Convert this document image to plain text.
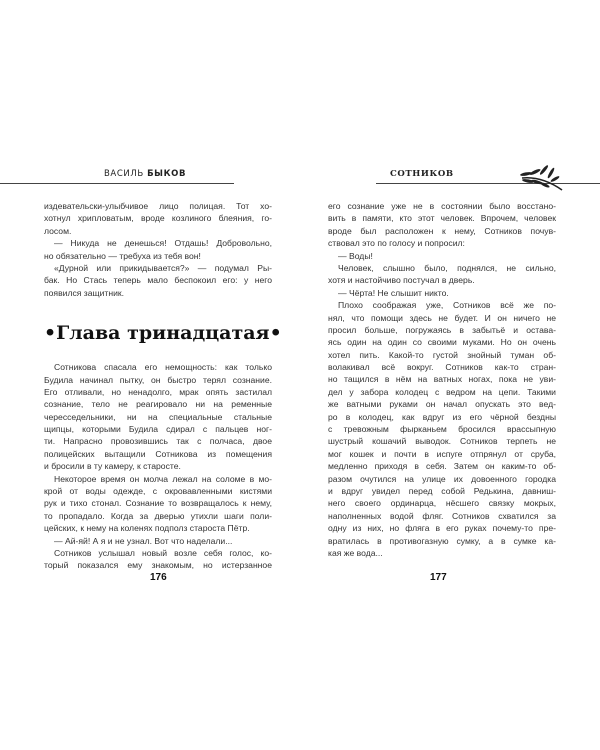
ВАСИЛЬ БЫКОВ
издевательски-улыбчивое лицо полицая. Тот хо-
хотнул хрипловатым, вроде козлиного блеяния, го-
лосом.
— Никуда не денешься! Отдашь! Добровольно,
но обязательно — требуха из тебя вон!
«Дурной или прикидывается?» — подумал Ры-
бак. Но Стась теперь мало беспокоил его: у него
появился защитник.
•Глава тринадцатая•
Сотникова спасала его немощность: как только
Будила начинал пытку, он быстро терял сознание.
Его отливали, но ненадолго, мрак опять застилал
сознание, тело не реагировало ни на ременные
чересседельники, ни на специальные стальные
щипцы, которыми Будила сдирал с пальцев ног-
ти. Напрасно провозившись так с полчаса, двое
полицейских вытащили Сотникова из помещения
и бросили в ту камеру, к старосте.
Некоторое время он молча лежал на соломе в мо-
крой от воды одежде, с окровавленными кистями
рук и тихо стонал. Сознание то возвращалось к нему,
то пропадало. Когда за дверью утихли шаги поли-
цейских, к нему на коленях подполз староста Пётр.
— Ай-яй! А я и не узнал. Вот что наделали...
Сотников услышал новый возле себя голос, ко-
торый показался ему знакомым, но истерзанное
176
СОТНИКОВ
его сознание уже не в состоянии было восстано-
вить в памяти, кто этот человек. Впрочем, человек
вроде был расположен к нему, Сотников почув-
ствовал это по голосу и попросил:
— Воды!
Человек, слышно было, поднялся, не сильно,
хотя и настойчиво постучал в дверь.
— Чёрта! Не слышит никто.
Плохо соображая уже, Сотников всё же по-
нял, что помощи здесь не будет. И он ничего не
просил больше, погружаясь в забытьё и остава-
ясь один на один со своими муками. Но он очень
хотел пить. Какой-то густой знойный туман об-
волакивал всё вокруг. Сотников как-то стран-
но тащился в нём на ватных ногах, пока не уви-
дел у забора колодец с ведром на цепи. Такими
же ватными руками он начал опускать это вед-
ро в колодец, как вдруг из его чёрной бездны
с тревожным фырканьем бросился врассыпную
шустрый кошачий выводок. Сотников терпеть не
мог кошек и почти в испуге отпрянул от сруба,
медленно приходя в себя. Затем он каким-то об-
разом очутился на улице их довоенного городка
и вдруг увидел перед собой Редькина, давниш-
него своего ординарца, нёсшего связку мокрых,
наполненных водой фляг. Сотников схватился за
одну из них, но фляга в его руках почему-то пре-
вратилась в противогазную сумку, а в сумке ка-
кая же вода...
177
